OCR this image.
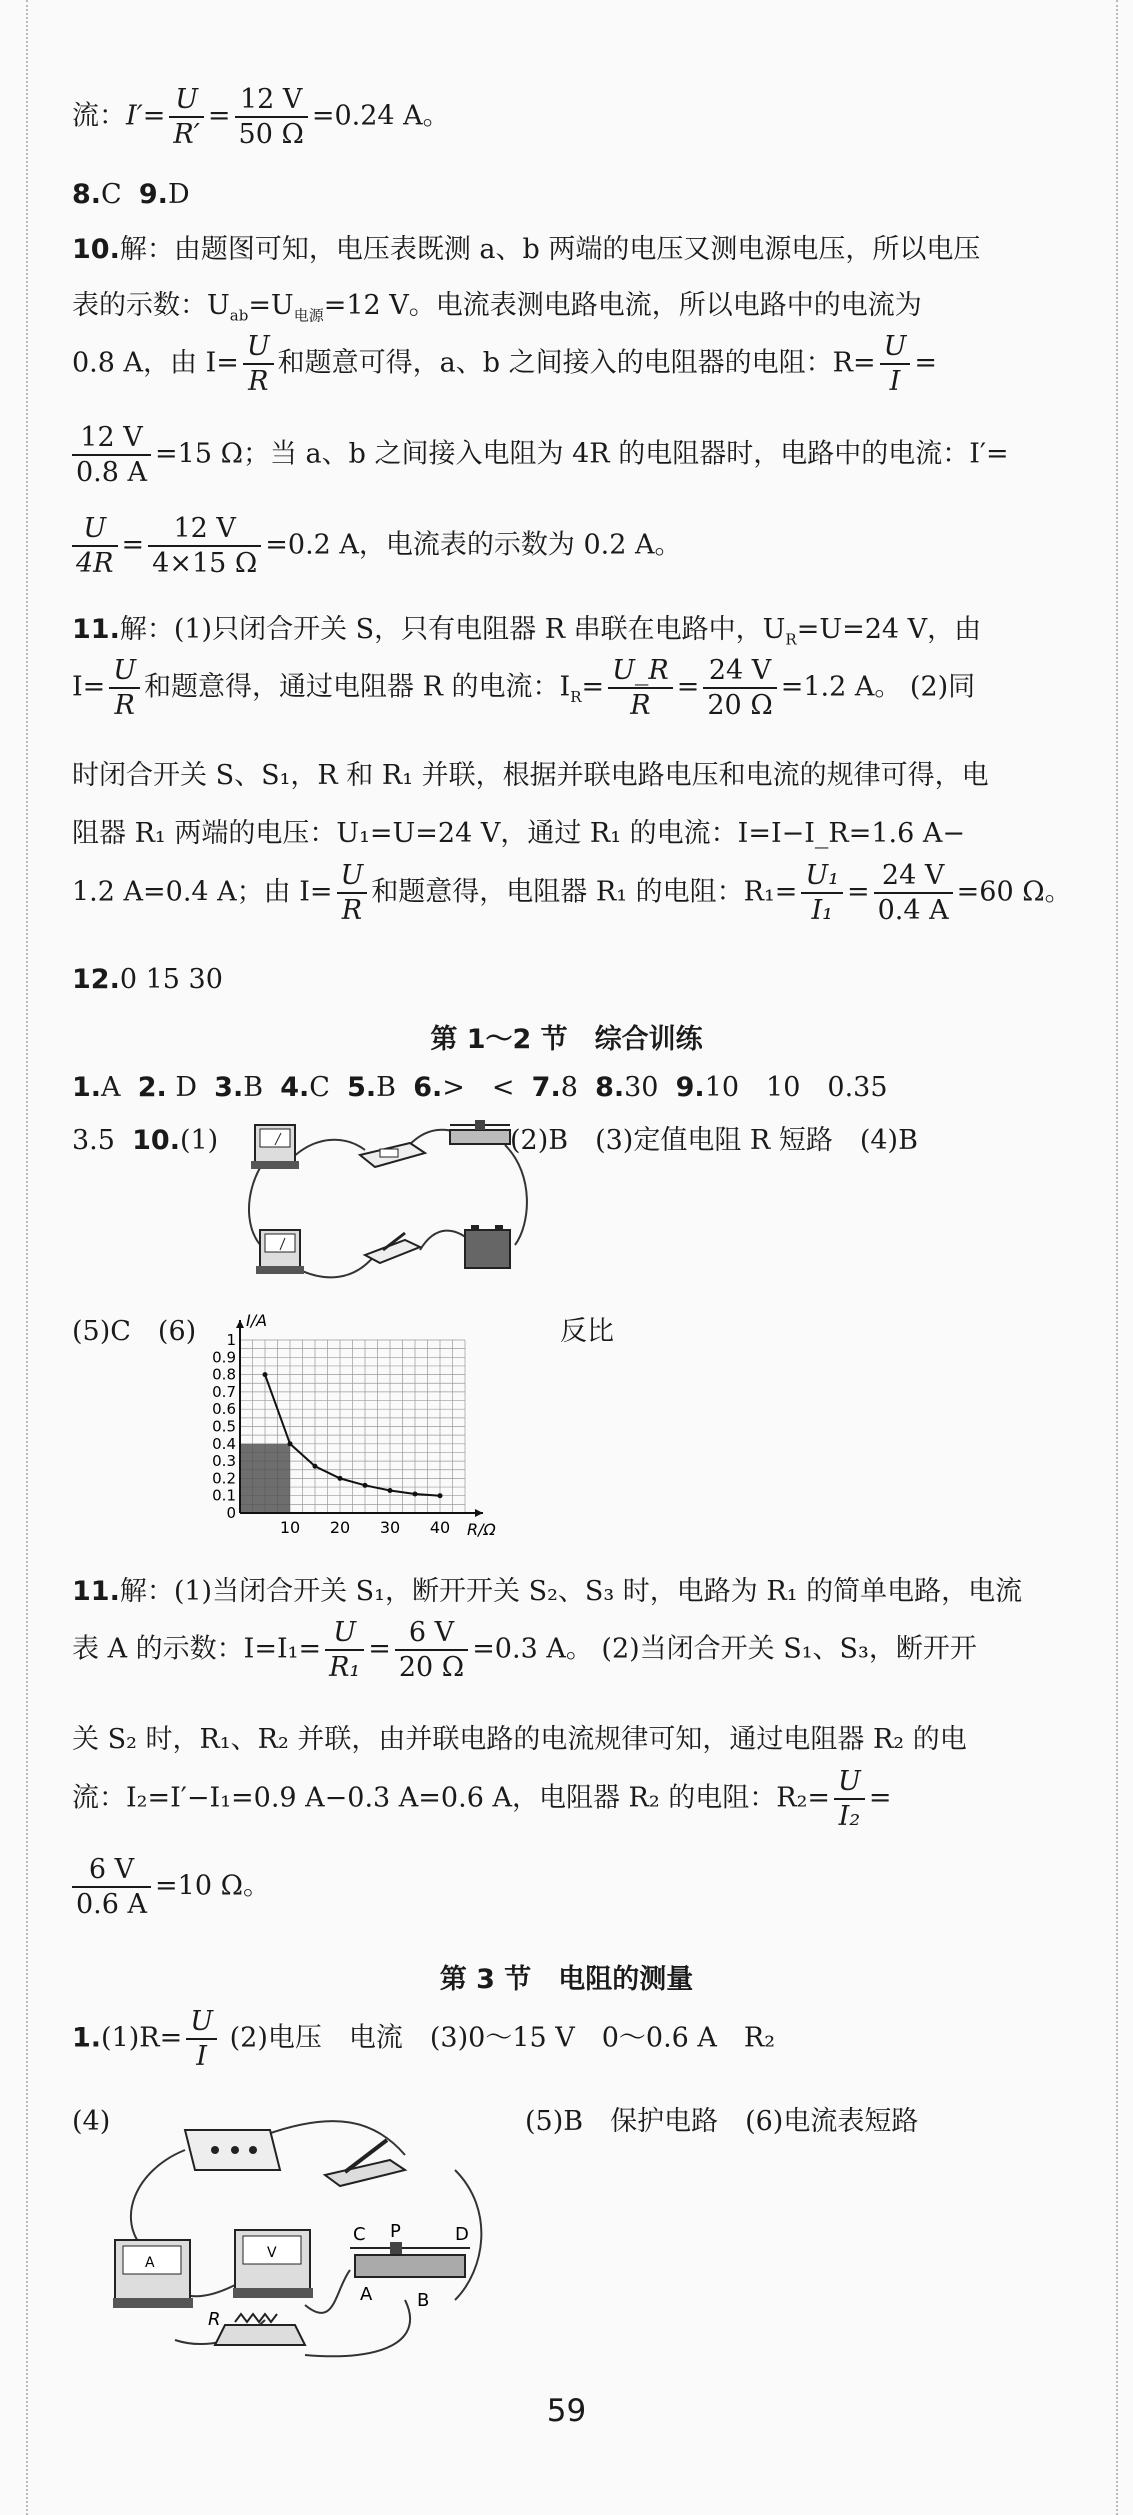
流：$I'= \frac{U}{R'} = \frac{12 V}{50 \Omega} =0.24$ A。
8.C 9.D
10.解：由题图可知，电压表既测 a、b 两端的电压又测电源电压，所以电压
表的示数：$U_{ab}=U_{电源}=12$ V。电流表测电路电流，所以电路中的电流为
0.8 A，由 $I= \frac{U}{R}$ 和题意可得，a、b 之间接入的电阻器的电阻：$R= \frac{U}{I}$ =
$\frac{12 V}{0.8 A} =15$ Ω；当 a、b 之间接入电阻为 4R 的电阻器时，电路中的电流：I′=
$\frac{U}{4R} = \frac{12 V}{4\times 15 \Omega} =0.2$ A，电流表的示数为 0.2 A。
11.解：(1)只闭合开关 S，只有电阻器 R 串联在电路中，$U_R=U=24$ V，由
$I= \frac{U}{R}$ 和题意得，通过电阻器 R 的电流：$I_R= \frac{U\_R}{R} = \frac{24 V}{20 \Omega} =1.2$ A。 (2)同
时闭合开关 S、S₁，R 和 R₁ 并联，根据并联电路电压和电流的规律可得，电
阻器 R₁ 两端的电压：U₁=U=24 V，通过 R₁ 的电流：I=I−I_R=1.6 A−
1.2 A=0.4 A；由 $I= \frac{U}{R}$ 和题意得，电阻器 R₁ 的电阻：$R_1= \frac{\text{U₁}}{\text{I₁}} = \frac{24 V}{0.4 A} =60$ Ω。
12.0 15 30
第 1～2 节　综合训练
1.A 2. D 3.B 4.C 5.B 6.>　< 7.8 8.30 9.10　10　0.35
3.5 10.(1)	(2)B　(3)定值电阻 R 短路　(4)B
(5)C　(6)	反比
0
0.1
0.2
0.3
0.4
0.5
0.6
0.7
0.8
0.9
1
10 20 30 40 R/Ω
I/A
11.解：(1)当闭合开关 S₁，断开开关 S₂、S₃ 时，电路为 R₁ 的简单电路，电流
表 A 的示数：$I=I_1= \frac{U}{\text{R₁}} = \frac{6 V}{20 \Omega} =0.3$ A。 (2)当闭合开关 S₁、S₃，断开开
关 S₂ 时，R₁、R₂ 并联，由并联电路的电流规律可知，通过电阻器 R₂ 的电
流：I₂=I′−I₁=0.9 A−0.3 A=0.6 A，电阻器 R₂ 的电阻：$R_2= \frac{U}{\text{I₂}}$ =
$\frac{6 V}{0.6 A} =10$ Ω。
第 3 节　电阻的测量
$1.(1)R= \frac{U}{I} (2)$电压　电流　(3)0～15 V　0～0.6 A　R₂
(4)	(5)B　保护电路　(6)电流表短路
A
V
C P	D
A B
R
59
